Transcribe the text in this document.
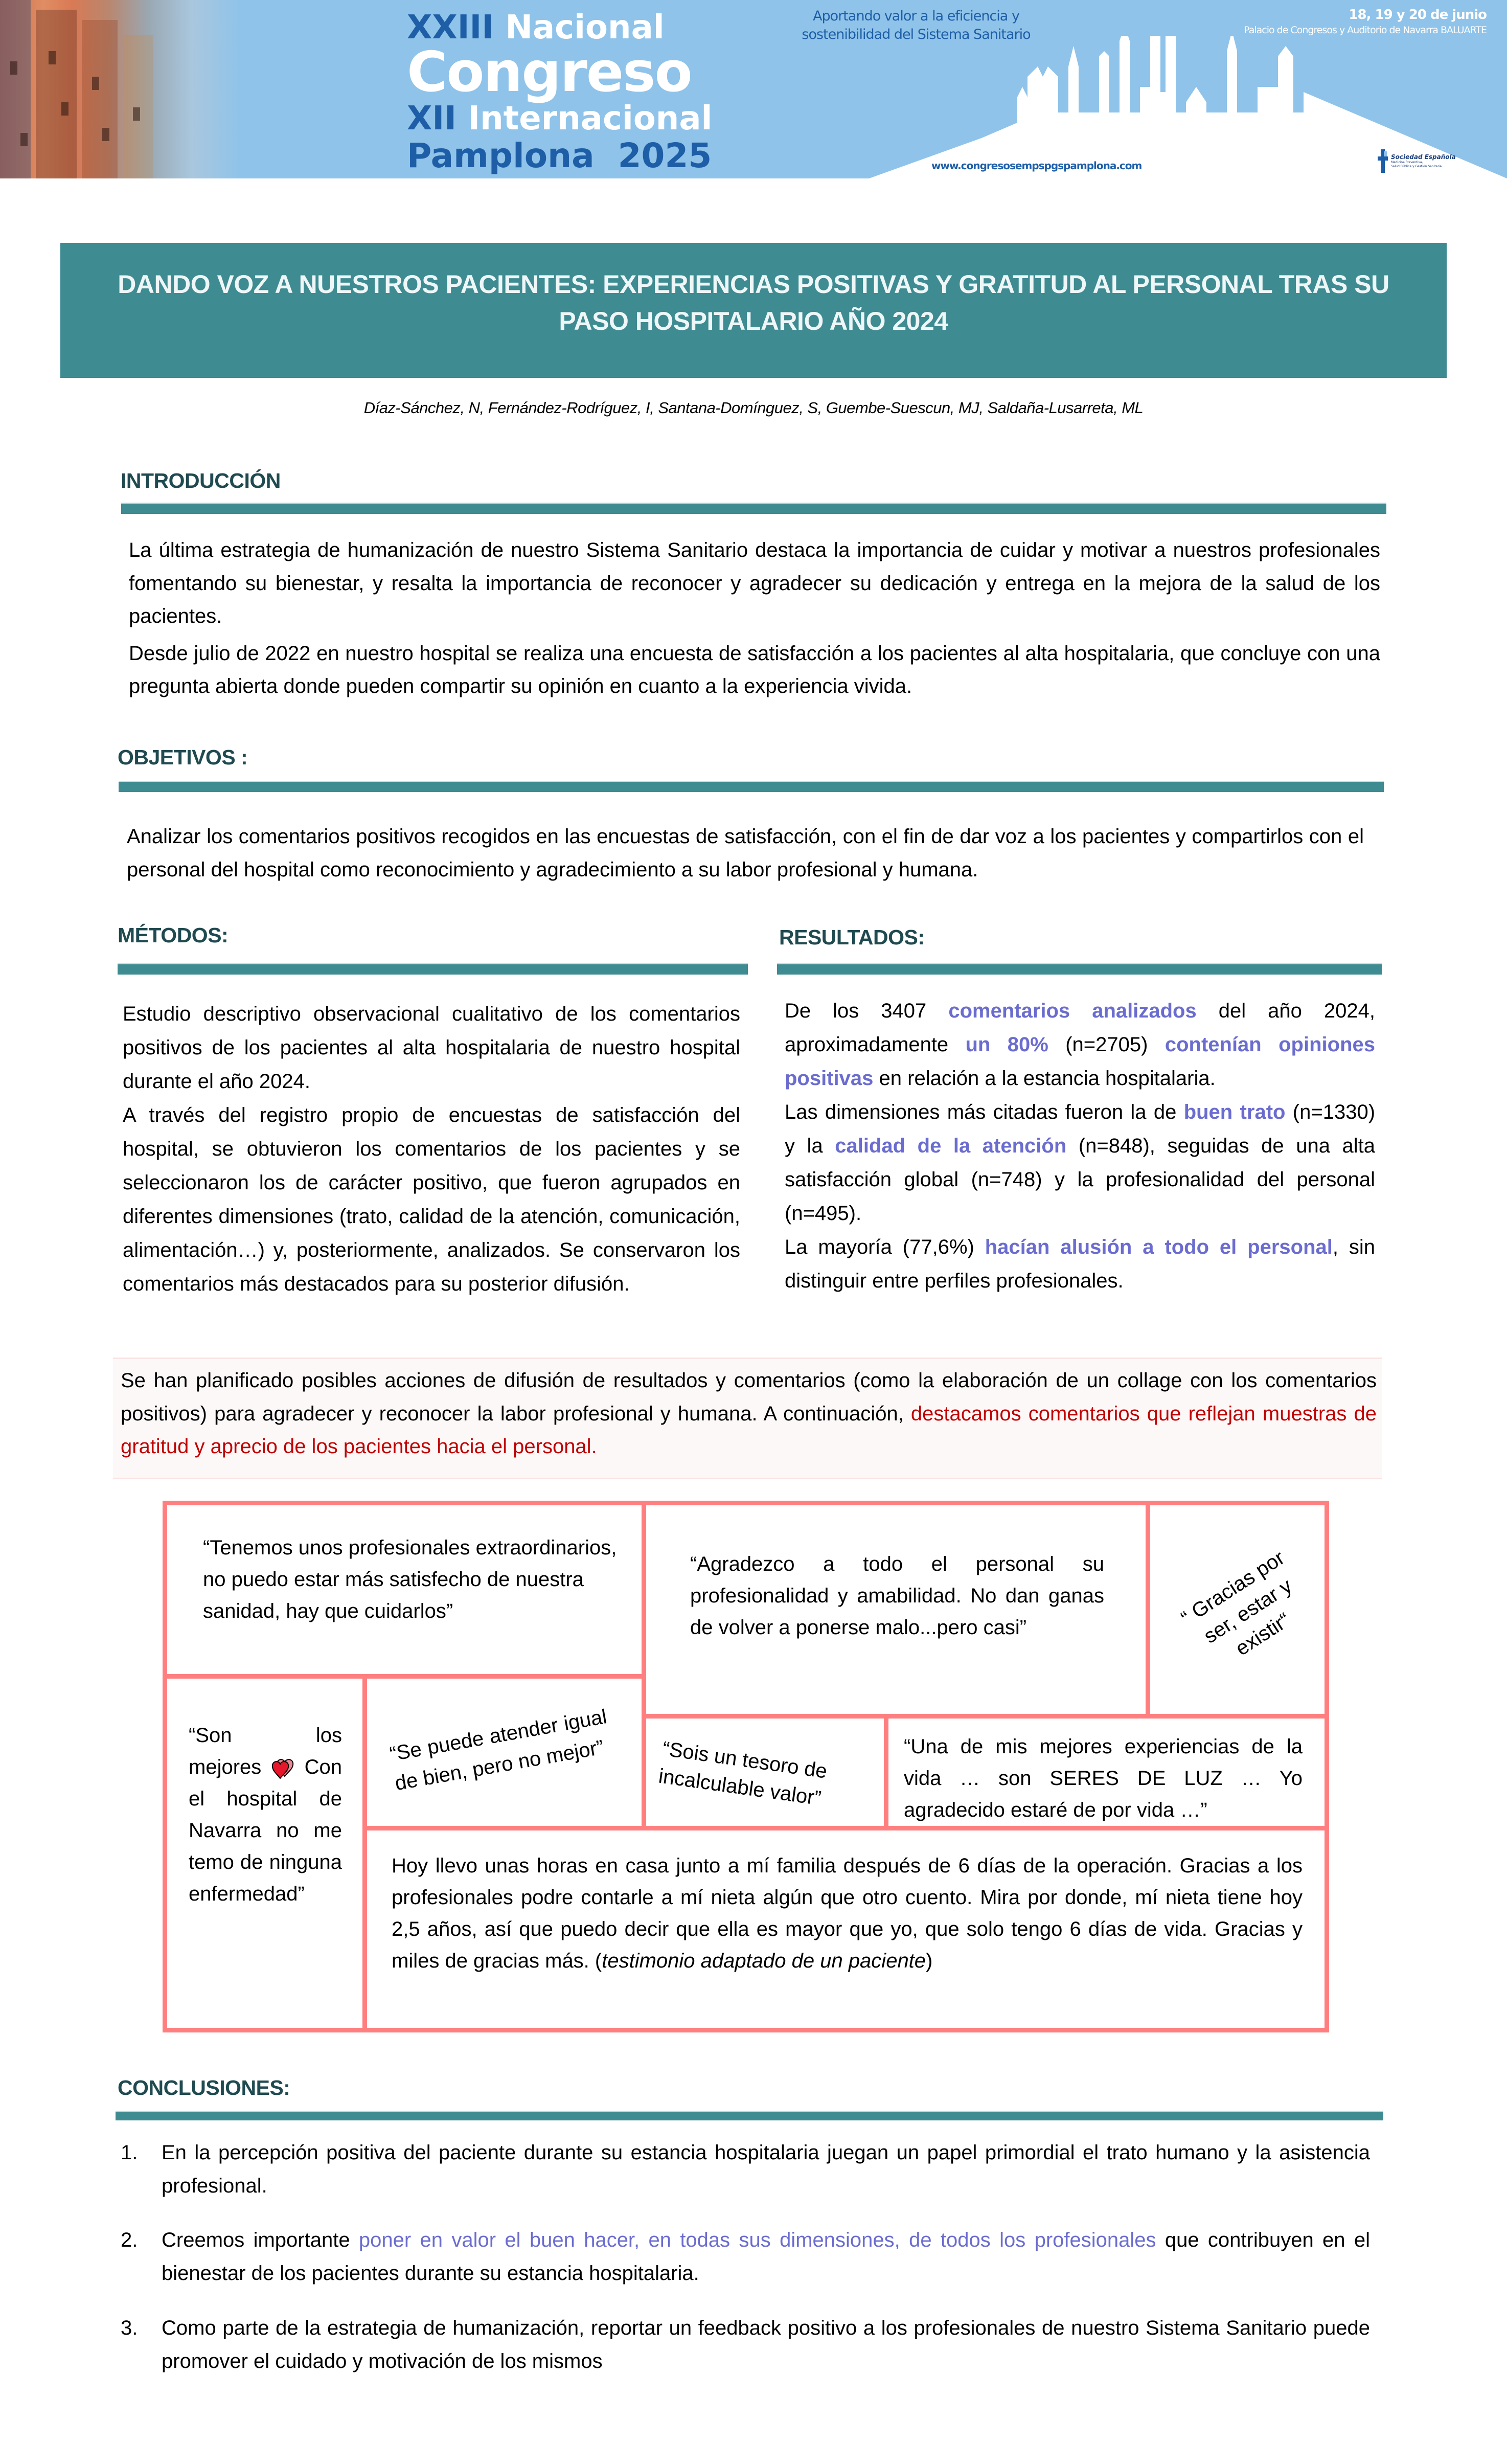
XXIII Nacional
Congreso
XII Internacional
Pamplona  2025
Aportando valor a la eficiencia y
sostenibilidad del Sistema Sanitario
18, 19 y 20 de junio
Palacio de Congresos y Auditorio de Navarra BALUARTE
www.congresosempspgspamplona.com
Sociedad Española
Medicina Preventiva,
Salud Pública y Gestión Sanitaria
DANDO VOZ A NUESTROS PACIENTES: EXPERIENCIAS POSITIVAS Y GRATITUD AL PERSONAL TRAS SU PASO HOSPITALARIO AÑO 2024
Díaz-Sánchez, N, Fernández-Rodríguez, I, Santana-Domínguez, S, Guembe-Suescun, MJ, Saldaña-Lusarreta, ML
INTRODUCCIÓN

La última estrategia de humanización de nuestro Sistema Sanitario destaca la importancia de cuidar y motivar a nuestros profesionales fomentando su bienestar, y resalta la importancia de reconocer y agradecer su dedicación y entrega en la mejora de la salud de los pacientes.

Desde julio de 2022 en nuestro hospital se realiza una encuesta de satisfacción a los pacientes al alta hospitalaria, que concluye con una pregunta abierta donde pueden compartir su opinión en cuanto a la experiencia vivida.

OBJETIVOS :

Analizar los comentarios positivos recogidos en las encuestas de satisfacción, con el fin de dar voz a los pacientes y compartirlos con el personal del hospital como reconocimiento y agradecimiento a su labor profesional y humana.

MÉTODOS:

Estudio descriptivo observacional cualitativo de los comentarios positivos de los pacientes al alta hospitalaria de nuestro hospital durante el año 2024.

A través del registro propio de encuestas de satisfacción del hospital, se obtuvieron los comentarios de los pacientes y se seleccionaron los de carácter positivo, que fueron agrupados en diferentes dimensiones (trato, calidad de la atención, comunicación, alimentación…) y, posteriormente, analizados. Se conservaron los comentarios más destacados para su posterior difusión.

RESULTADOS:

De los 3407 comentarios analizados del año 2024, aproximadamente un 80% (n=2705) contenían opiniones positivas en relación a la estancia hospitalaria.

Las dimensiones más citadas fueron la de buen trato (n=1330) y la calidad de la atención (n=848), seguidas de una alta satisfacción global (n=748) y la profesionalidad del personal (n=495).

La mayoría (77,6%) hacían alusión a todo el personal, sin distinguir entre perfiles profesionales.

Se han planificado posibles acciones de difusión de resultados y comentarios (como la elaboración de un collage con los comentarios positivos) para agradecer y reconocer la labor profesional y humana. A continuación, destacamos comentarios que reflejan muestras de gratitud y aprecio de los pacientes hacia el personal.

“Tenemos unos profesionales extraordinarios, no puedo estar más satisfecho de nuestra sanidad, hay que cuidarlos”
“Agradezco a todo el personal su profesionalidad y amabilidad. No dan ganas de volver a ponerse malo...pero casi”	“ Gracias por ser, estar y existir“
“Son los mejores Con el hospital de Navarra no me temo de ninguna enfermedad”
“Se puede atender igual de bien, pero no mejor”	“Sois un tesoro de incalculable valor”
“Una de mis mejores experiencias de la vida … son SERES DE LUZ … Yo agradecido estaré de por vida …”
Hoy llevo unas horas en casa junto a mí familia después de 6 días de la operación. Gracias a los profesionales podre contarle a mí nieta algún que otro cuento. Mira por donde, mí nieta tiene hoy 2,5 años, así que puedo decir que ella es mayor que yo, que solo tengo 6 días de vida. Gracias y miles de gracias más. (testimonio adaptado de un paciente)
CONCLUSIONES:
1. En la percepción positiva del paciente durante su estancia hospitalaria juegan un papel primordial el trato humano y la asistencia profesional.
2. Creemos importante poner en valor el buen hacer, en todas sus dimensiones, de todos los profesionales que contribuyen en el bienestar de los pacientes durante su estancia hospitalaria.
3. Como parte de la estrategia de humanización, reportar un feedback positivo a los profesionales de nuestro Sistema Sanitario puede promover el cuidado y motivación de los mismos
